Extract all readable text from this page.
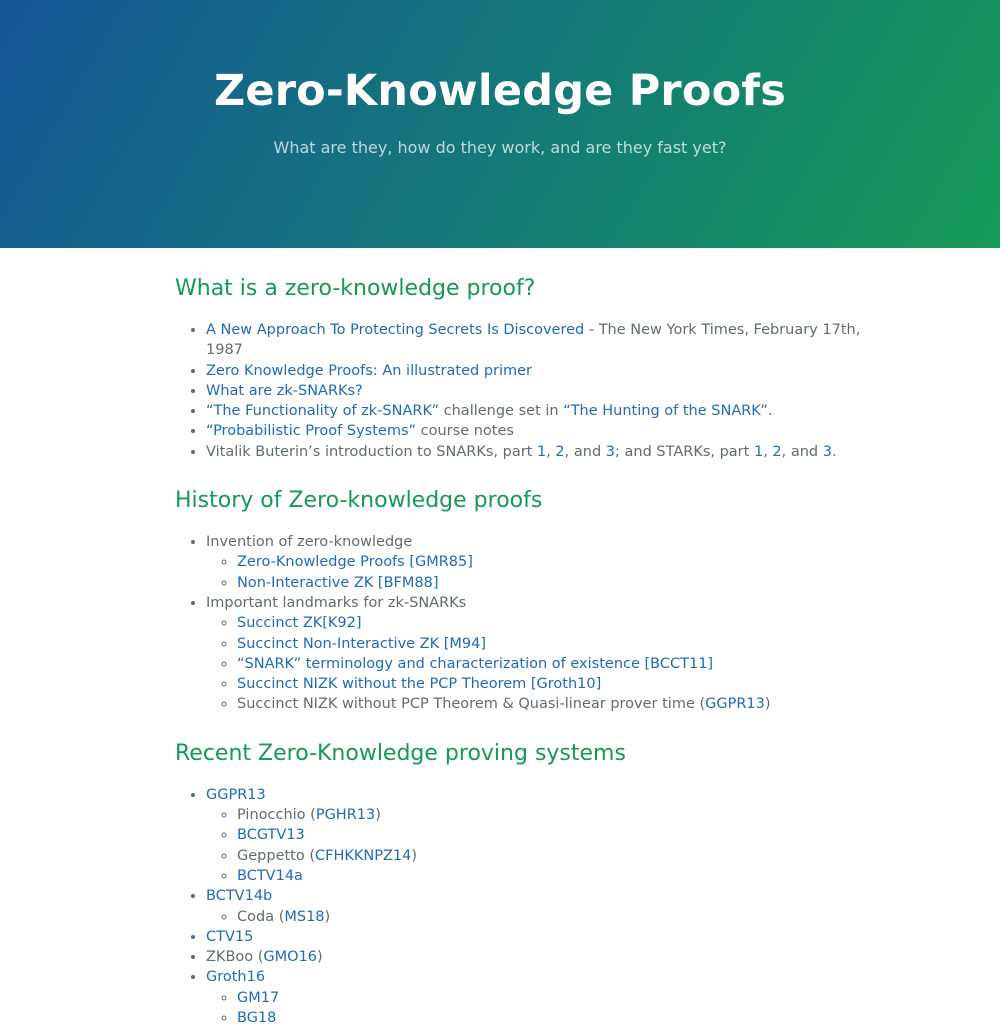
Zero-Knowledge Proofs
What are they, how do they work, and are they fast yet?
What is a zero-knowledge proof?
• A New Approach To Protecting Secrets Is Discovered - The New York Times, February 17th, 1987
• Zero Knowledge Proofs: An illustrated primer
• What are zk-SNARKs?
• “The Functionality of zk-SNARK” challenge set in “The Hunting of the SNARK”.
• “Probabilistic Proof Systems” course notes
• Vitalik Buterin’s introduction to SNARKs, part 1, 2, and 3; and STARKs, part 1, 2, and 3.
History of Zero-knowledge proofs
• Invention of zero-knowledge
◦ Zero-Knowledge Proofs [GMR85]
◦ Non-Interactive ZK [BFM88]
• Important landmarks for zk-SNARKs
◦ Succinct ZK[K92]
◦ Succinct Non-Interactive ZK [M94]
◦ “SNARK” terminology and characterization of existence [BCCT11]
◦ Succinct NIZK without the PCP Theorem [Groth10]
◦ Succinct NIZK without PCP Theorem & Quasi-linear prover time (GGPR13)
Recent Zero-Knowledge proving systems
• GGPR13
◦ Pinocchio (PGHR13)
◦ BCGTV13
◦ Geppetto (CFHKKNPZ14)
◦ BCTV14a
• BCTV14b
◦ Coda (MS18)
• CTV15
• ZKBoo (GMO16)
• Groth16
◦ GM17
◦ BG18
